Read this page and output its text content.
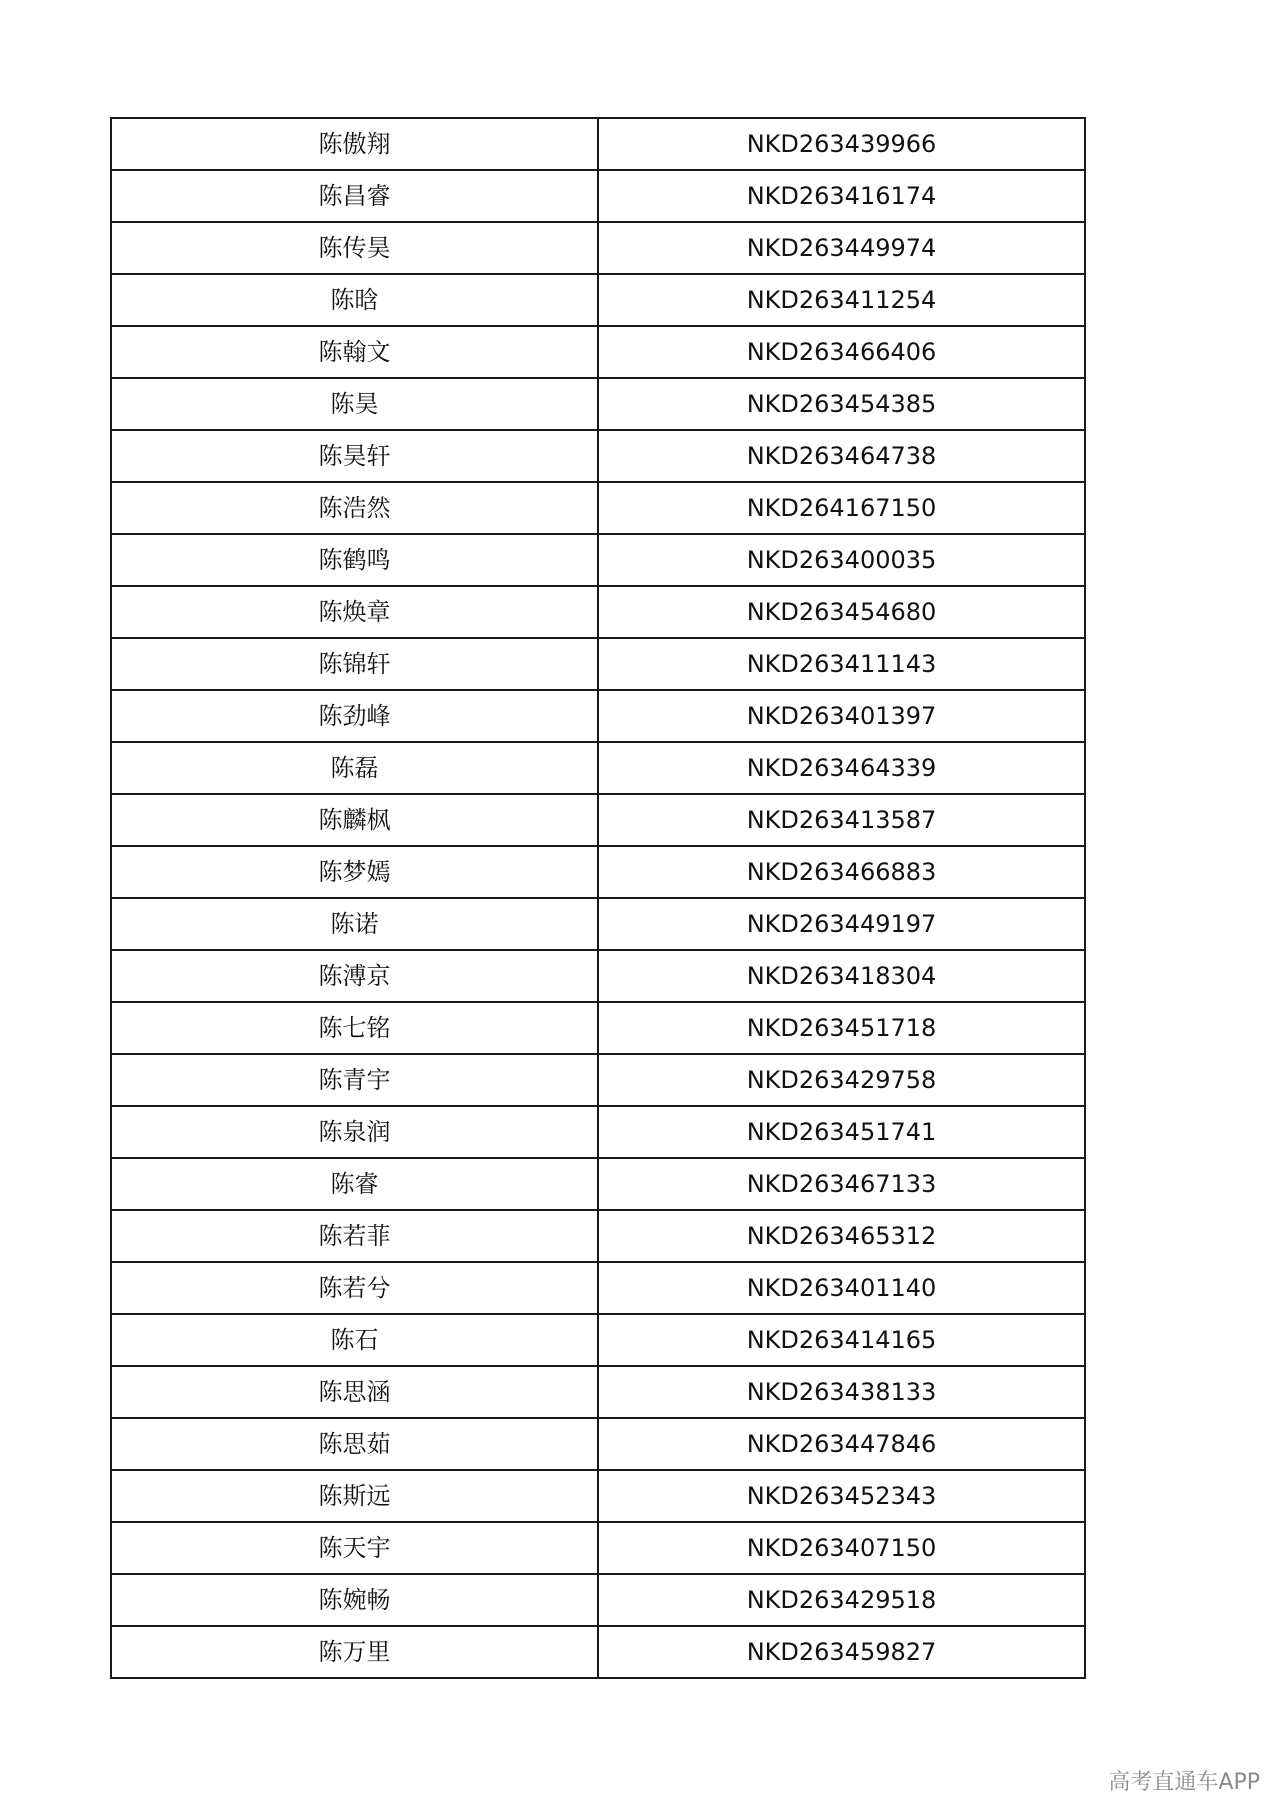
陈傲翔	NKD263439966
陈昌睿	NKD263416174
陈传昊	NKD263449974
陈晗	NKD263411254
陈翰文	NKD263466406
陈昊	NKD263454385
陈昊轩	NKD263464738
陈浩然	NKD264167150
陈鹤鸣	NKD263400035
陈焕章	NKD263454680
陈锦轩	NKD263411143
陈劲峰	NKD263401397
陈磊	NKD263464339
陈麟枫	NKD263413587
陈梦嫣	NKD263466883
陈诺	NKD263449197
陈溥京	NKD263418304
陈七铭	NKD263451718
陈青宇	NKD263429758
陈泉润	NKD263451741
陈睿	NKD263467133
陈若菲	NKD263465312
陈若兮	NKD263401140
陈石	NKD263414165
陈思涵	NKD263438133
陈思茹	NKD263447846
陈斯远	NKD263452343
陈天宇	NKD263407150
陈婉畅	NKD263429518
陈万里	NKD263459827
高考直通车APP
